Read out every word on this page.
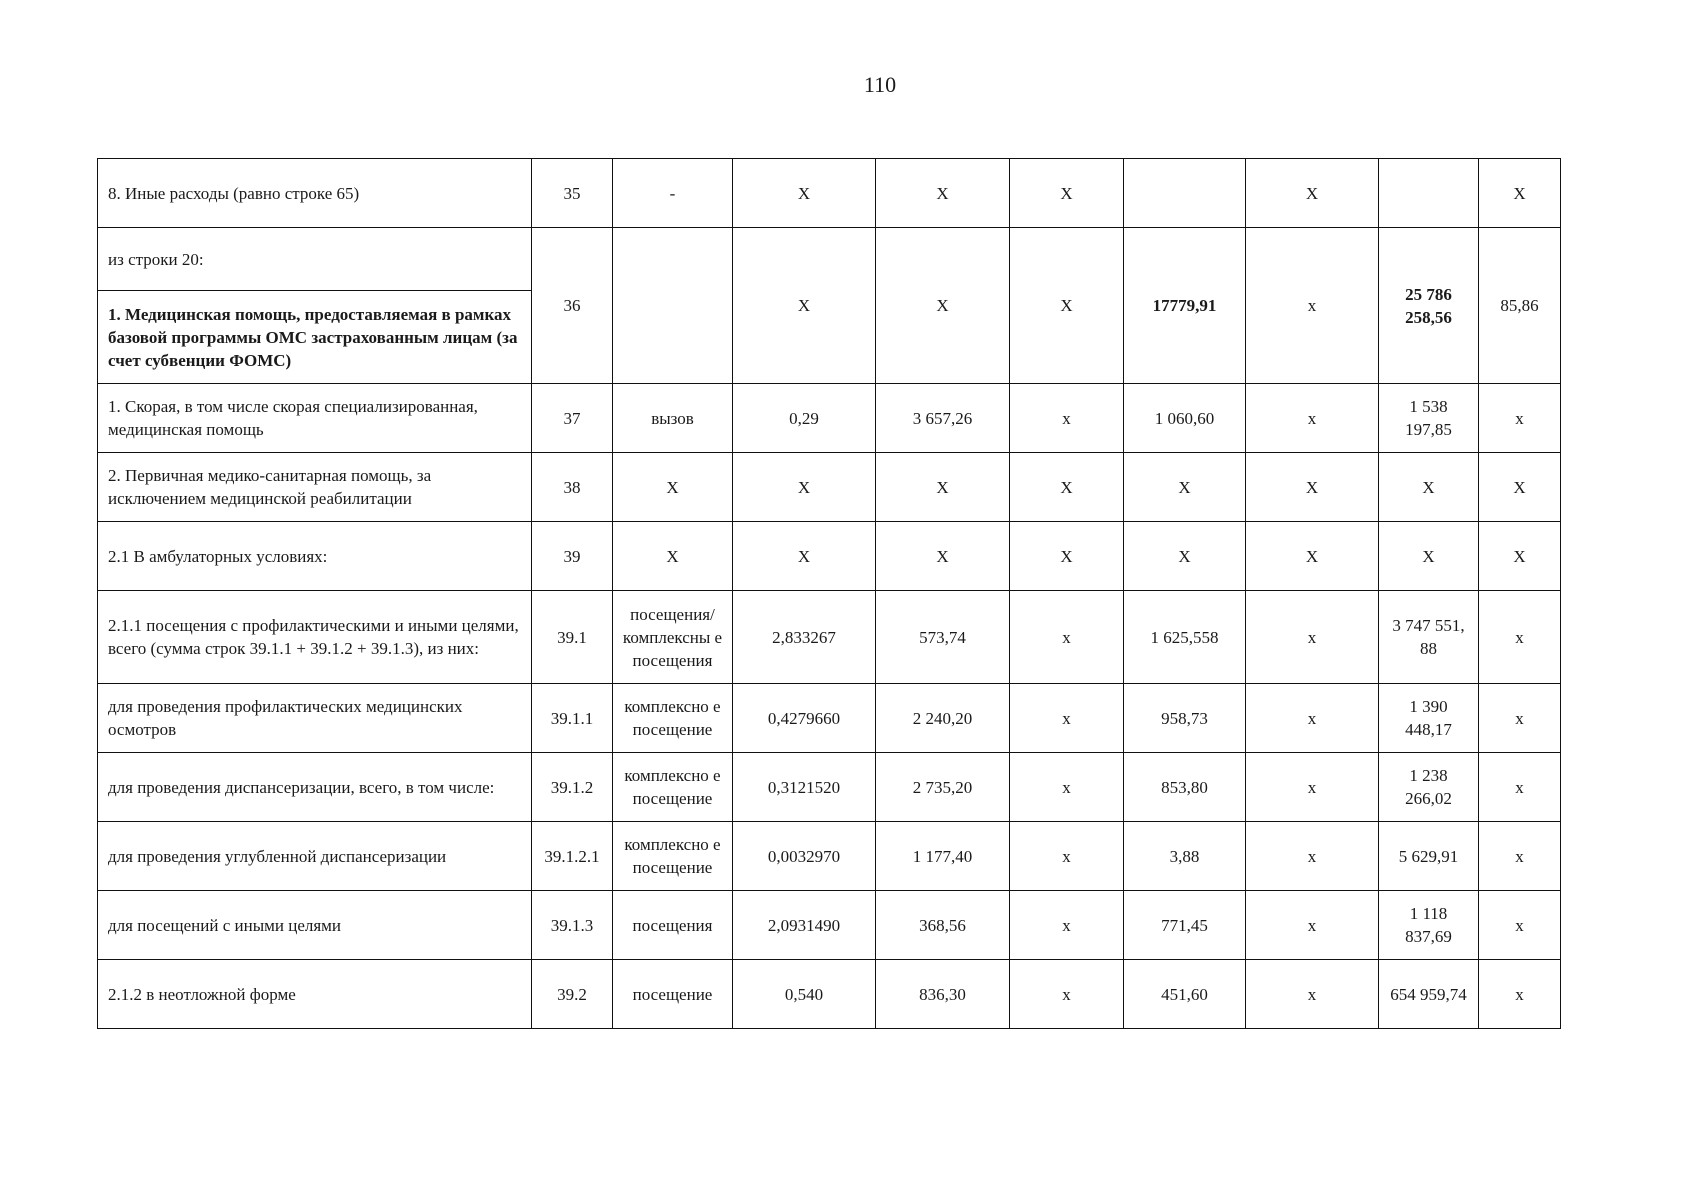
110
8. Иные расходы (равно строке 65)	35	-	X	X	X		X		X
из строки 20:	36		X	X	X	17779,91	x	25 786 258,56	85,86
1. Медицинская помощь, предоставляемая в рамках базовой программы ОМС застрахованным лицам (за счет субвенции ФОМС)									
1. Скорая, в том числе скорая специализированная, медицинская помощь	37	вызов	0,29	3 657,26	x	1 060,60	x	1 538 197,85	x
2. Первичная медико-санитарная помощь, за исключением медицинской реабилитации	38	X	X	X	X	X	X	X	X
2.1 В амбулаторных условиях:	39	X	X	X	X	X	X	X	X
2.1.1 посещения с профилактическими и иными целями, всего (сумма строк 39.1.1 + 39.1.2 + 39.1.3), из них:	39.1	посещения/ комплексны е посещения	2,833267	573,74	x	1 625,558	x	3 747 551, 88	x
для проведения профилактических медицинских осмотров	39.1.1	комплексно е посещение	0,4279660	2 240,20	x	958,73	x	1 390 448,17	x
для проведения диспансеризации, всего, в том числе:	39.1.2	комплексно е посещение	0,3121520	2 735,20	x	853,80	x	1 238 266,02	x
для проведения углубленной диспансеризации	39.1.2.1	комплексно е посещение	0,0032970	1 177,40	x	3,88	x	5 629,91	x
для посещений с иными целями	39.1.3	посещения	2,0931490	368,56	x	771,45	x	1 118 837,69	x
2.1.2 в неотложной форме	39.2	посещение	0,540	836,30	x	451,60	x	654 959,74	x
